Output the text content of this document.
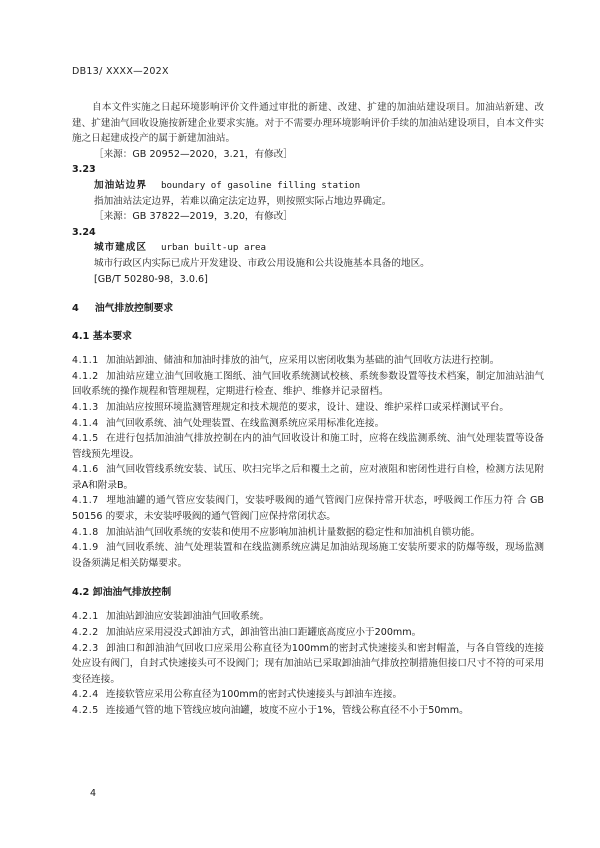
DB13/ XXXX—202X

自本文件实施之日起环境影响评价文件通过审批的新建、改建、扩建的加油站建设项目。加油站新建、改建、扩建油气回收设施按新建企业要求实施。对于不需要办理环境影响评价手续的加油站建设项目，自本文件实施之日起建成投产的属于新建加油站。

［来源：GB 20952—2020，3.21，有修改］

3.23

加油站边界 boundary of gasoline filling station

指加油站法定边界，若难以确定法定边界，则按照实际占地边界确定。

［来源：GB 37822—2019，3.20，有修改］

3.24

城市建成区 urban built-up area

城市行政区内实际已成片开发建设、市政公用设施和公共设施基本具备的地区。

[GB/T 50280-98，3.0.6]

4 油气排放控制要求

4.1 基本要求

4.1.1 加油站卸油、储油和加油时排放的油气，应采用以密闭收集为基础的油气回收方法进行控制。

4.1.2 加油站应建立油气回收施工图纸、油气回收系统测试校核、系统参数设置等技术档案，制定加油站油气回收系统的操作规程和管理规程，定期进行检查、维护、维修并记录留档。

4.1.3 加油站应按照环境监测管理规定和技术规范的要求，设计、建设、维护采样口或采样测试平台。

4.1.4 油气回收系统、油气处理装置、在线监测系统应采用标准化连接。

4.1.5 在进行包括加油油气排放控制在内的油气回收设计和施工时，应将在线监测系统、油气处理装置等设备管线预先埋设。

4.1.6 油气回收管线系统安装、试压、吹扫完毕之后和覆土之前，应对液阻和密闭性进行自检，检测方法见附录A和附录B。

4.1.7 埋地油罐的通气管应安装阀门，安装呼吸阀的通气管阀门应保持常开状态，呼吸阀工作压力符 合 GB 50156 的要求，未安装呼吸阀的通气管阀门应保持常闭状态。

4.1.8 加油站油气回收系统的安装和使用不应影响加油机计量数据的稳定性和加油机自锁功能。

4.1.9 油气回收系统、油气处理装置和在线监测系统应满足加油站现场施工安装所要求的防爆等级，现场监测设备须满足相关防爆要求。

4.2 卸油油气排放控制

4.2.1 加油站卸油应安装卸油油气回收系统。

4.2.2 加油站应采用浸没式卸油方式，卸油管出油口距罐底高度应小于200mm。

4.2.3 卸油口和卸油油气回收口应采用公称直径为100mm的密封式快速接头和密封帽盖，与各自管线的连接处应设有阀门，自封式快速接头可不设阀门；现有加油站已采取卸油油气排放控制措施但接口尺寸不符的可采用变径连接。

4.2.4 连接软管应采用公称直径为100mm的密封式快速接头与卸油车连接。

4.2.5 连接通气管的地下管线应坡向油罐，坡度不应小于1%，管线公称直径不小于50mm。

4
